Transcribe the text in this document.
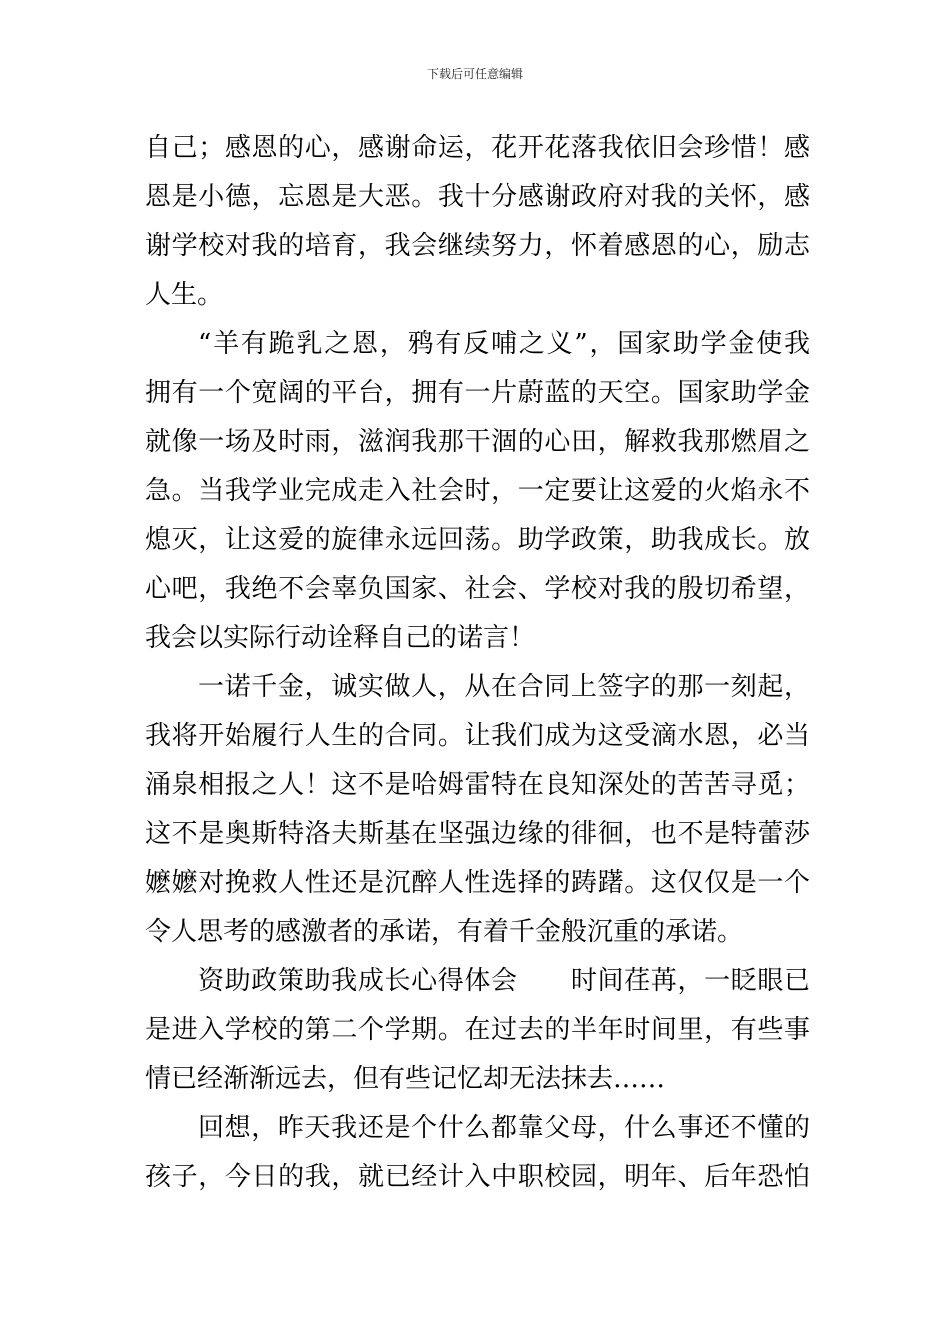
下载后可任意编辑
自己；感恩的心，感谢命运，花开花落我依旧会珍惜！感
恩是小德，忘恩是大恶。我十分感谢政府对我的关怀，感
谢学校对我的培育，我会继续努力，怀着感恩的心，励志
人生。
“羊有跪乳之恩，鸦有反哺之义”，国家助学金使我
拥有一个宽阔的平台，拥有一片蔚蓝的天空。国家助学金
就像一场及时雨，滋润我那干涸的心田，解救我那燃眉之
急。当我学业完成走入社会时，一定要让这爱的火焰永不
熄灭，让这爱的旋律永远回荡。助学政策，助我成长。放
心吧，我绝不会辜负国家、社会、学校对我的殷切希望，
我会以实际行动诠释自己的诺言！
一诺千金，诚实做人，从在合同上签字的那一刻起，
我将开始履行人生的合同。让我们成为这受滴水恩，必当
涌泉相报之人！这不是哈姆雷特在良知深处的苦苦寻觅；
这不是奥斯特洛夫斯基在坚强边缘的徘徊，也不是特蕾莎
嬷嬷对挽救人性还是沉醉人性选择的踌躇。这仅仅是一个
令人思考的感激者的承诺，有着千金般沉重的承诺。
资助政策助我成长心得体会　　时间荏苒，一眨眼已
是进入学校的第二个学期。在过去的半年时间里，有些事
情已经渐渐远去，但有些记忆却无法抹去……
回想，昨天我还是个什么都靠父母，什么事还不懂的
孩子，今日的我，就已经计入中职校园，明年、后年恐怕
